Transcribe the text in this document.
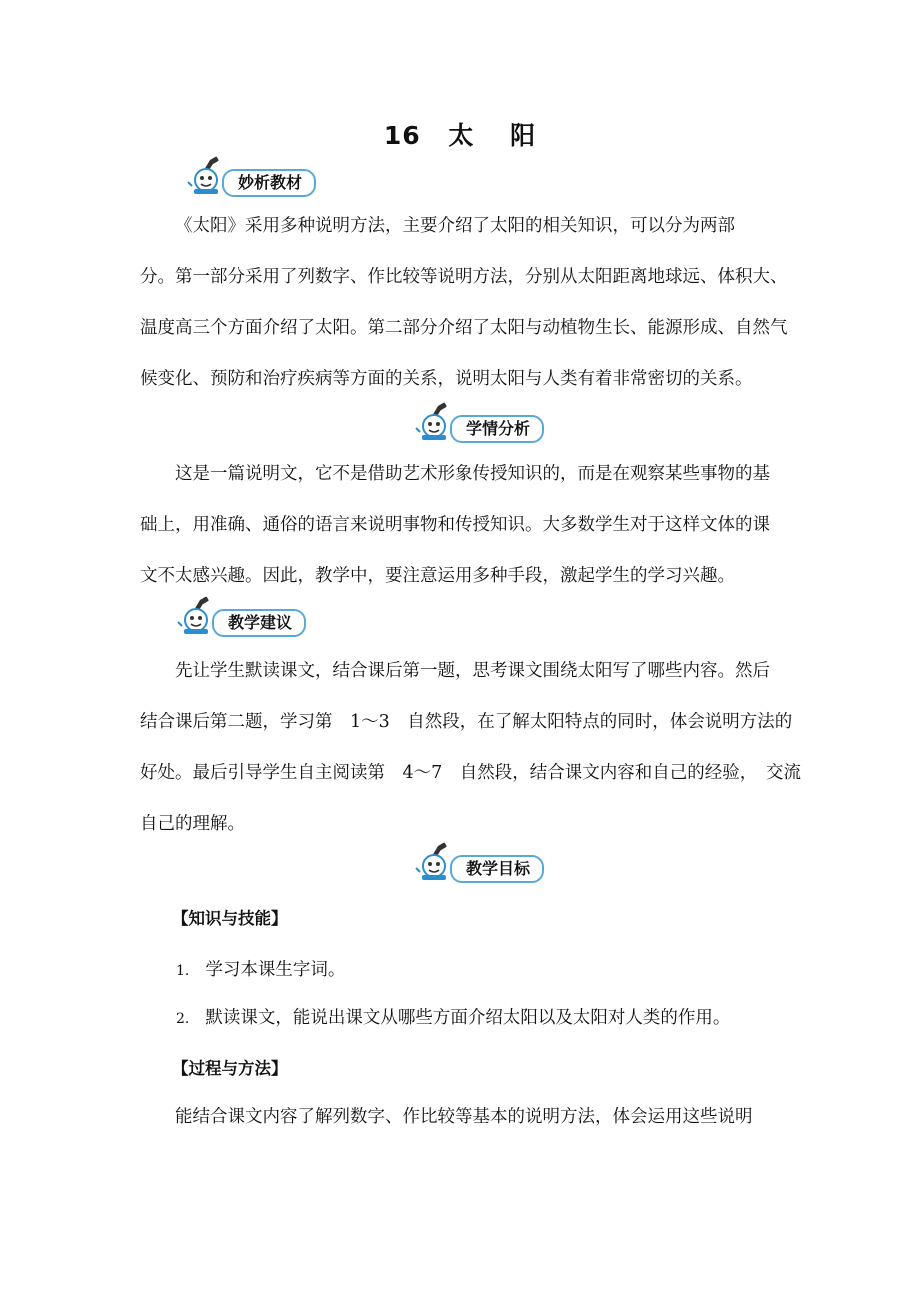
16 太 阳
妙析教材
《太阳》采用多种说明方法，主要介绍了太阳的相关知识，可以分为两部
分。第一部分采用了列数字、作比较等说明方法，分别从太阳距离地球远、体积大、
温度高三个方面介绍了太阳。第二部分介绍了太阳与动植物生长、能源形成、自然气
候变化、预防和治疗疾病等方面的关系，说明太阳与人类有着非常密切的关系。
学情分析
这是一篇说明文，它不是借助艺术形象传授知识的，而是在观察某些事物的基
础上，用准确、通俗的语言来说明事物和传授知识。大多数学生对于这样文体的课
文不太感兴趣。因此，教学中，要注意运用多种手段，激起学生的学习兴趣。
教学建议
先让学生默读课文，结合课后第一题，思考课文围绕太阳写了哪些内容。然后
结合课后第二题，学习第　1～3　自然段，在了解太阳特点的同时，体会说明方法的
好处。最后引导学生自主阅读第　4～7　自然段，结合课文内容和自己的经验，　交流
自己的理解。
教学目标
【知识与技能】
1. 学习本课生字词。
2. 默读课文，能说出课文从哪些方面介绍太阳以及太阳对人类的作用。
【过程与方法】
能结合课文内容了解列数字、作比较等基本的说明方法，体会运用这些说明
